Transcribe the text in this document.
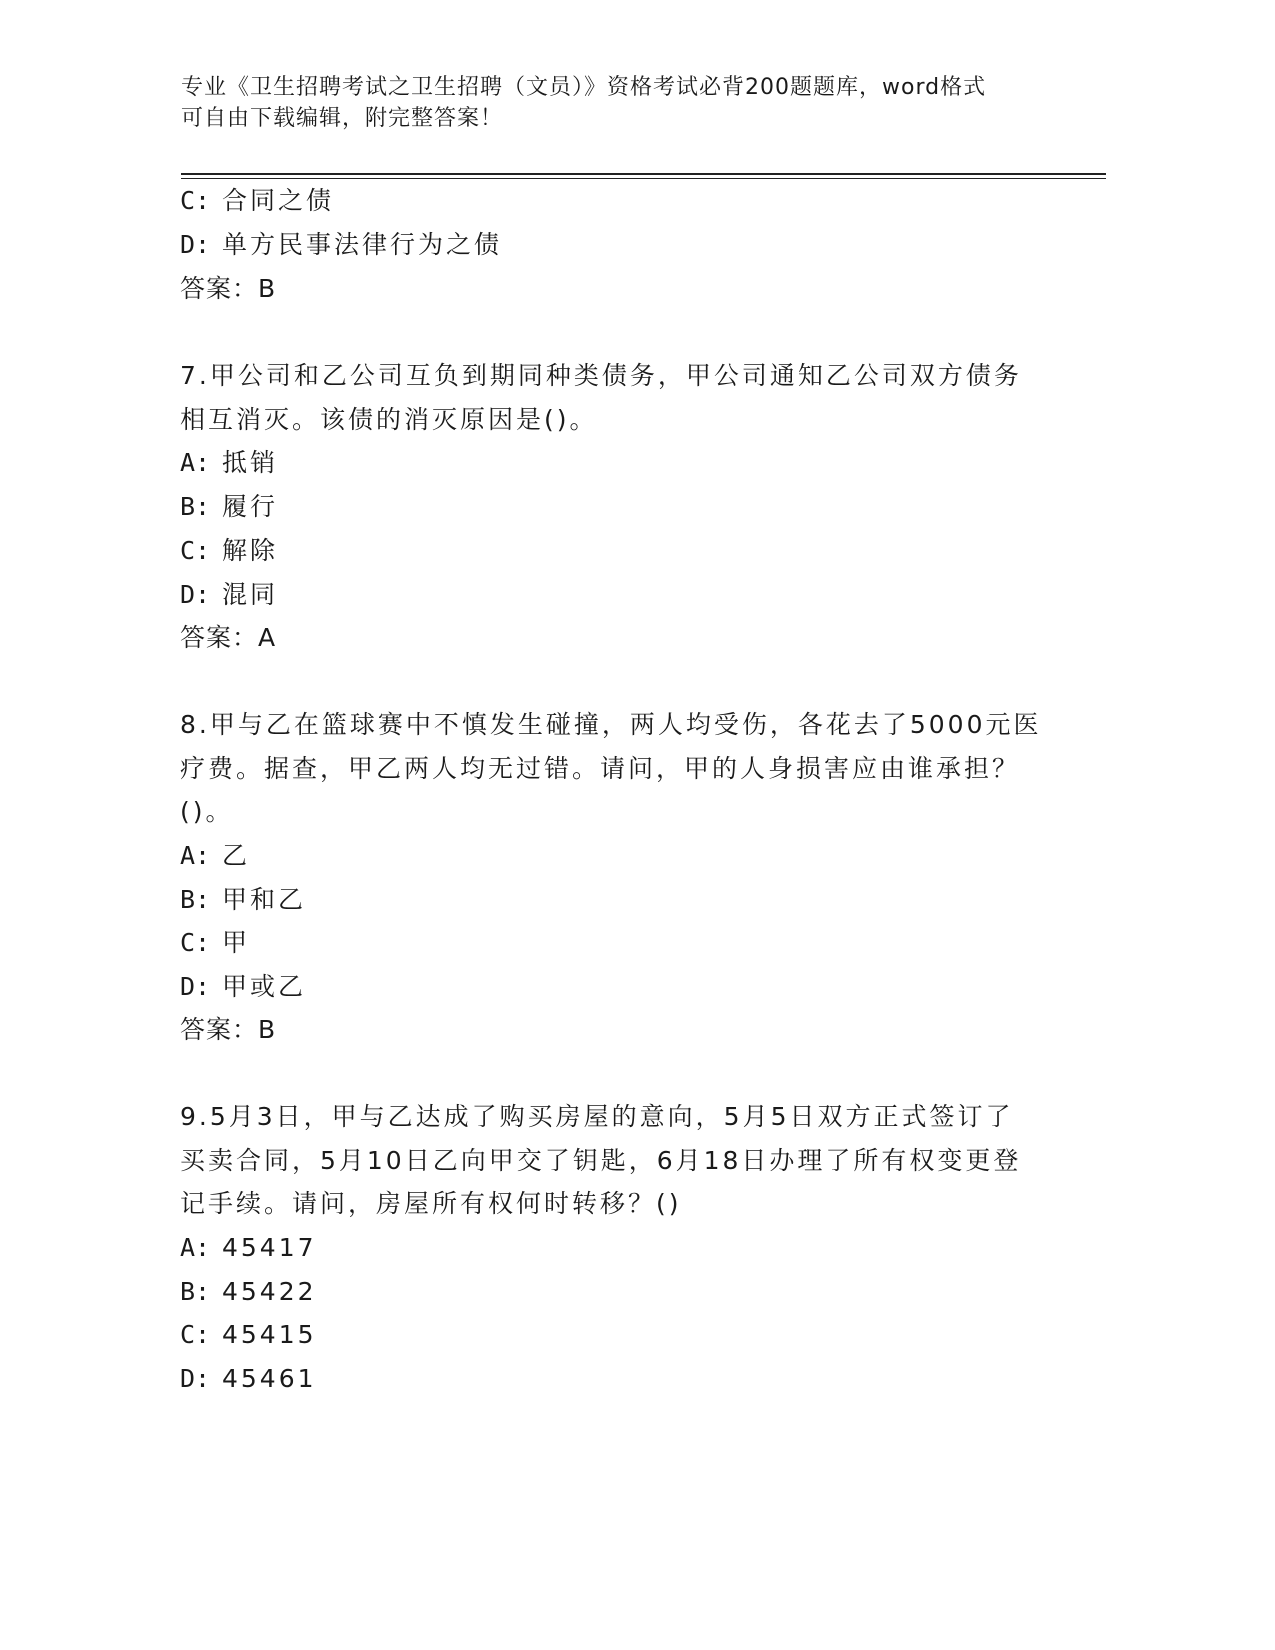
专业《卫生招聘考试之卫生招聘（文员）》资格考试必背200题题库，word格式
可自由下载编辑，附完整答案！
C: 合同之债
D: 单方民事法律行为之债
答案：B
7.甲公司和乙公司互负到期同种类债务，甲公司通知乙公司双方债务
相互消灭。该债的消灭原因是()。
A: 抵销
B: 履行
C: 解除
D: 混同
答案：A
8.甲与乙在篮球赛中不慎发生碰撞，两人均受伤，各花去了5000元医
疗费。据查，甲乙两人均无过错。请问，甲的人身损害应由谁承担？
()。
A: 乙
B: 甲和乙
C: 甲
D: 甲或乙
答案：B
9.5月3日，甲与乙达成了购买房屋的意向，5月5日双方正式签订了
买卖合同，5月10日乙向甲交了钥匙，6月18日办理了所有权变更登
记手续。请问，房屋所有权何时转移？()
A: 45417
B: 45422
C: 45415
D: 45461
